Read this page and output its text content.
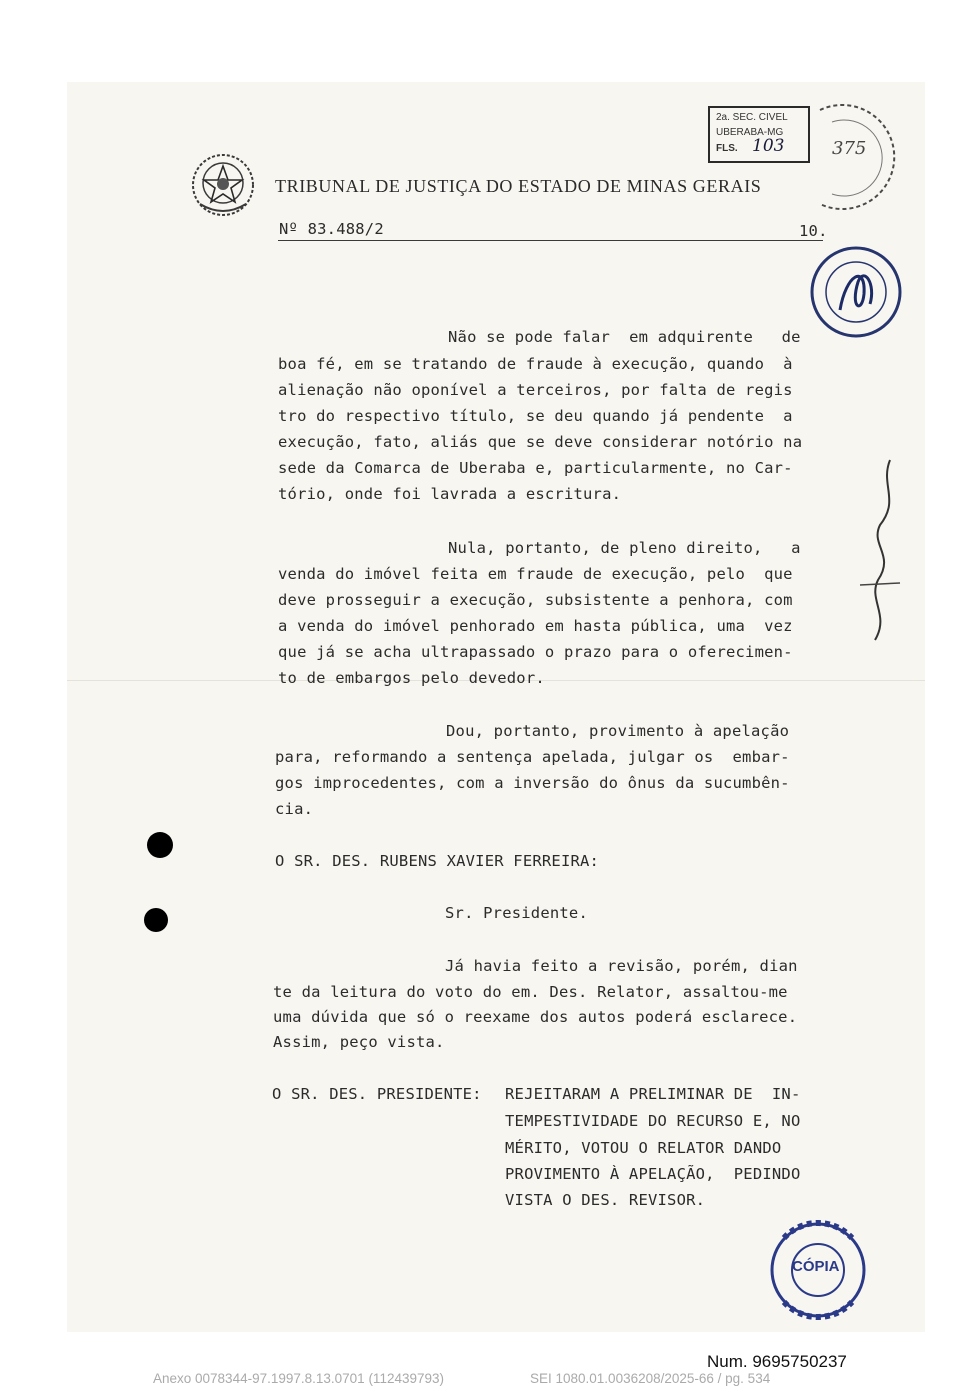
TRIBUNAL DE JUSTIÇA DO ESTADO DE MINAS GERAIS
Nº 83.488/2	10.
2a. SEC. CIVEL
UBERABA-MG
FLS. 103	375
Não se pode falar  em adquirente   de
boa fé, em se tratando de fraude à execução, quando  à
alienação não oponível a terceiros, por falta de regis
tro do respectivo título, se deu quando já pendente  a
execução, fato, aliás que se deve considerar notório na
sede da Comarca de Uberaba e, particularmente, no Car-
tório, onde foi lavrada a escritura.
Nula, portanto, de pleno direito,   a
venda do imóvel feita em fraude de execução, pelo  que
deve prosseguir a execução, subsistente a penhora, com
a venda do imóvel penhorado em hasta pública, uma  vez
que já se acha ultrapassado o prazo para o oferecimen-
to de embargos pelo devedor.
Dou, portanto, provimento à apelação
para, reformando a sentença apelada, julgar os  embar-
gos improcedentes, com a inversão do ônus da sucumbên-
cia.
O SR. DES. RUBENS XAVIER FERREIRA:
Sr. Presidente.
Já havia feito a revisão, porém, dian
te da leitura do voto do em. Des. Relator, assaltou-me
uma dúvida que só o reexame dos autos poderá esclarece.
Assim, peço vista.
O SR. DES. PRESIDENTE: REJEITARAM A PRELIMINAR DE  IN-
TEMPESTIVIDADE DO RECURSO E, NO
MÉRITO, VOTOU O RELATOR DANDO
PROVIMENTO À APELAÇÃO,  PEDINDO
VISTA O DES. REVISOR.
CÓPIA
Num. 9695750237
Anexo 0078344-97.1997.8.13.0701 (112439793)	SEI 1080.01.0036208/2025-66 / pg. 534
